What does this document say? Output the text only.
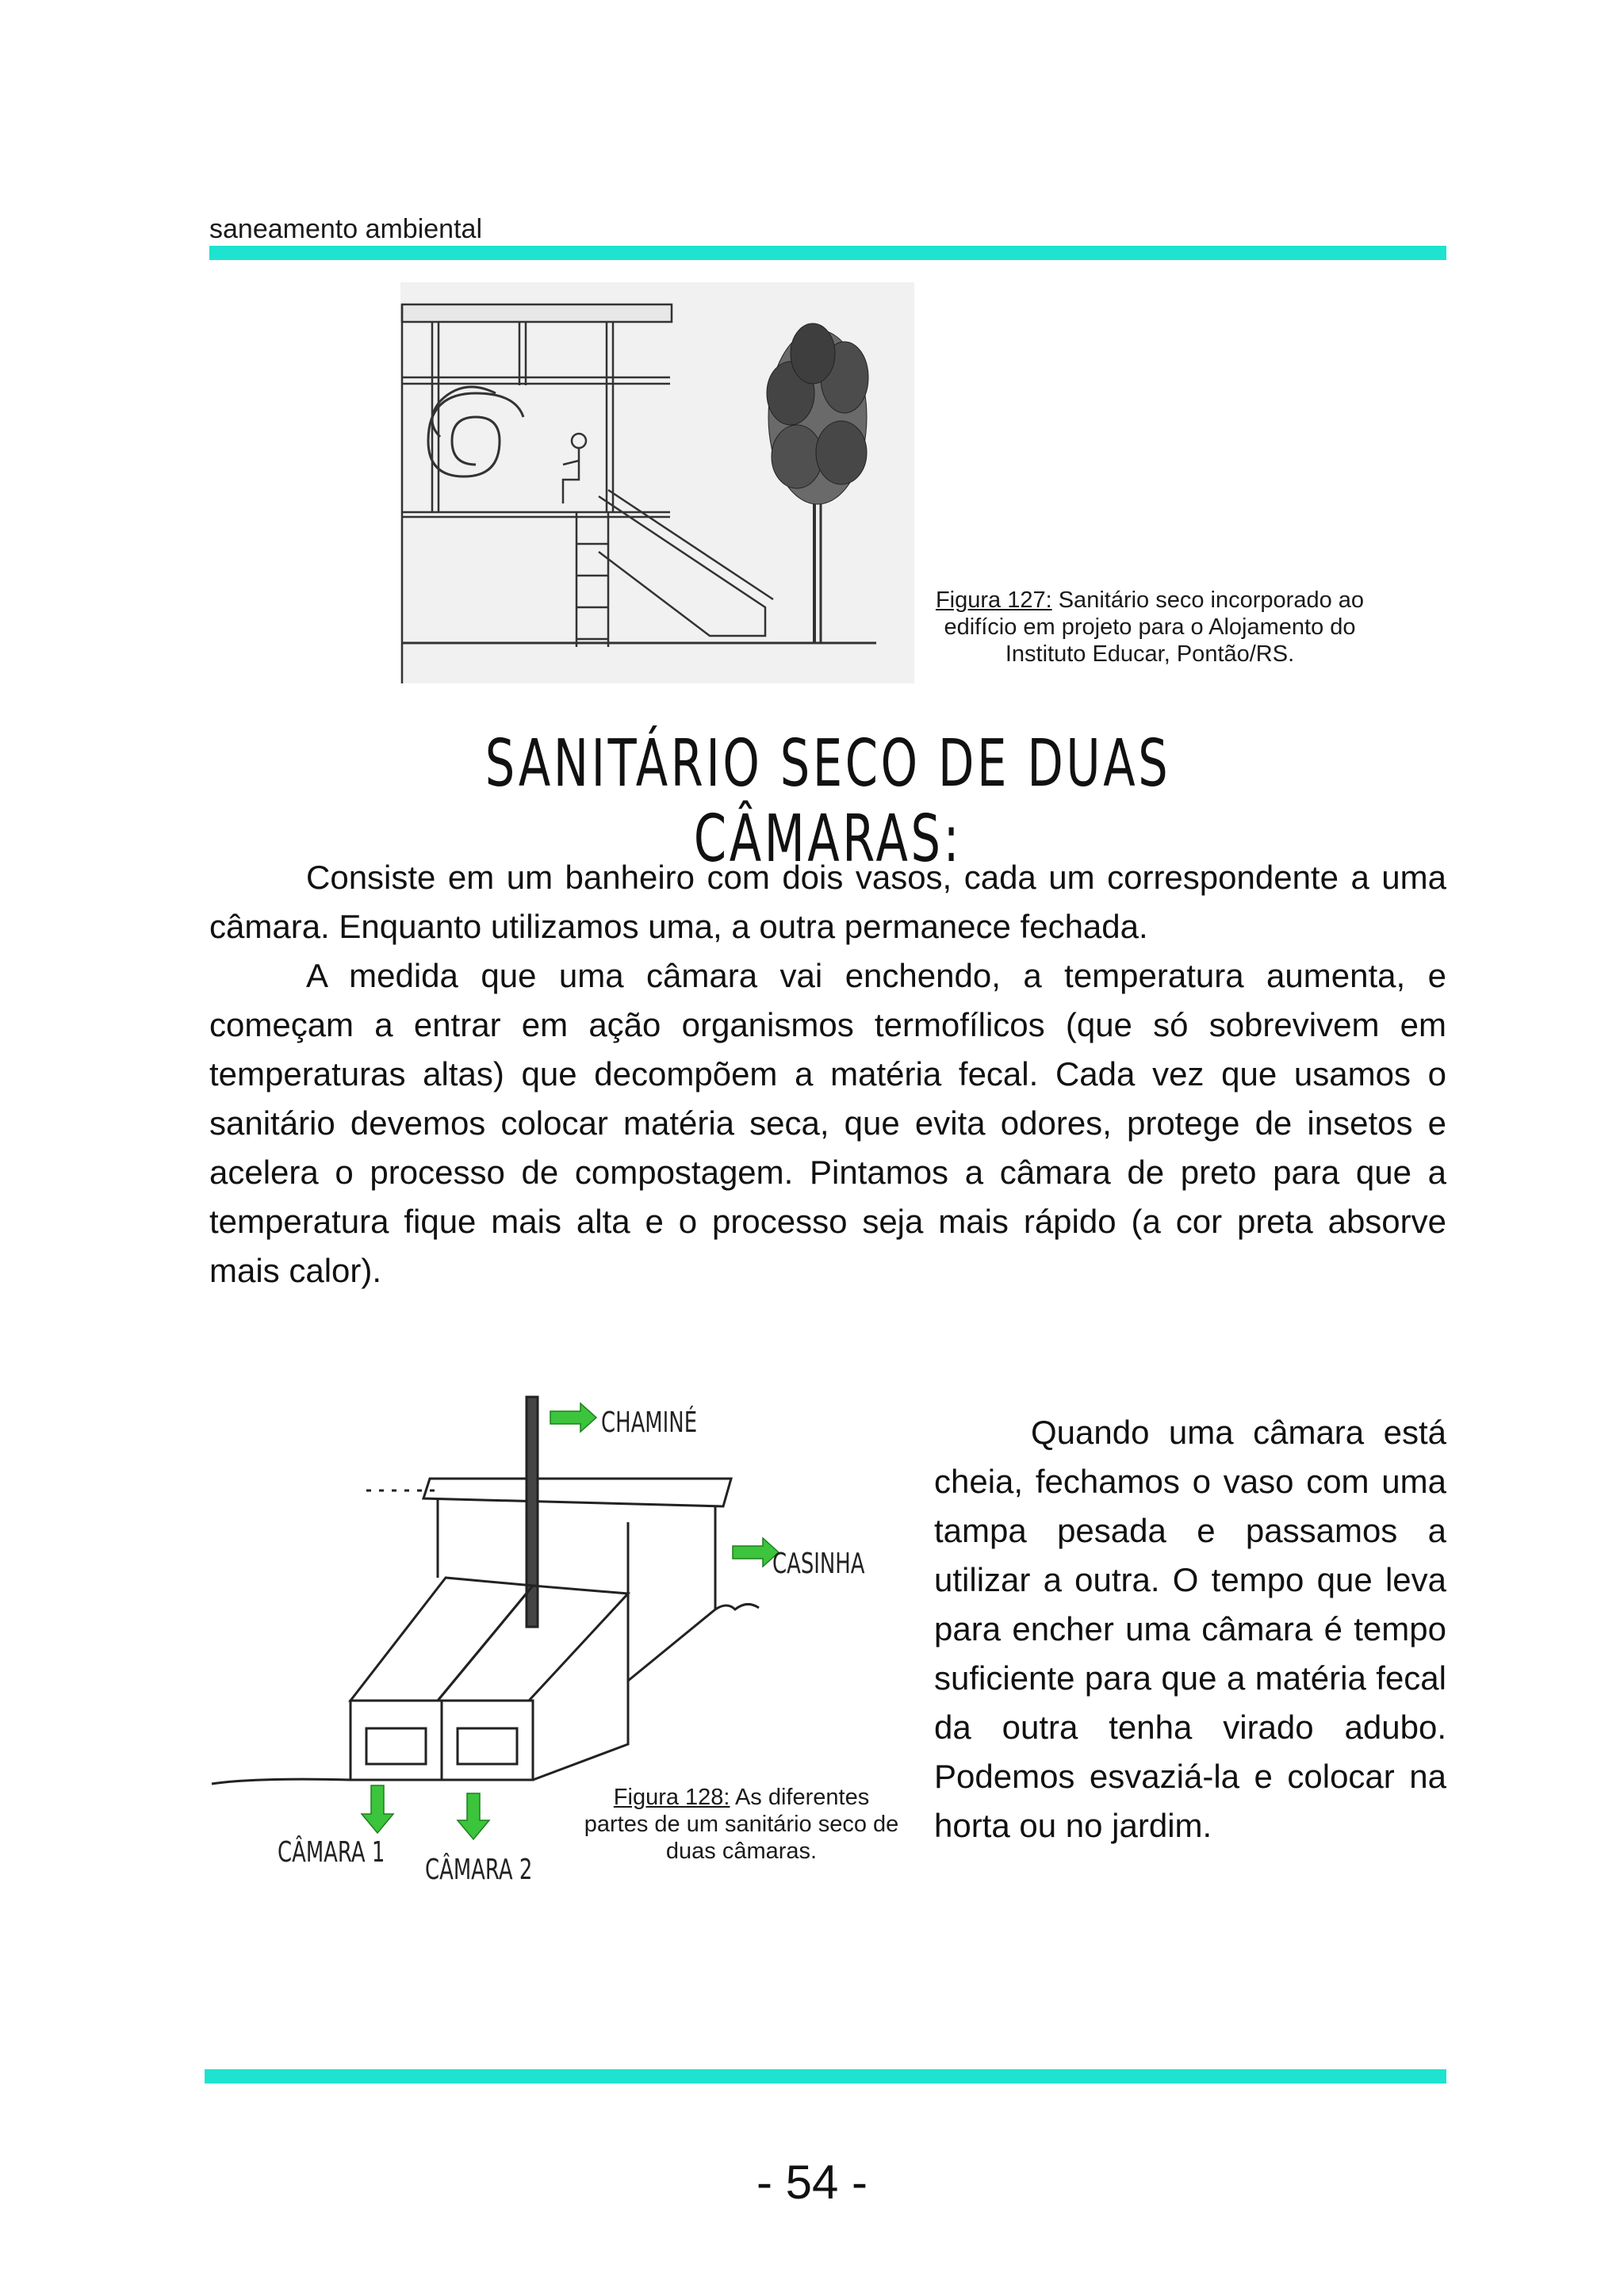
saneamento ambiental
Figura 127: Sanitário seco incorporado ao edifício em projeto para o Alojamento do Instituto Educar, Pontão/RS.
SANITÁRIO SECO DE DUAS CÂMARAS:

Consiste em um banheiro com dois vasos, cada um correspondente a uma câmara. Enquanto utilizamos uma, a outra permanece fechada.

A medida que uma câmara vai enchendo, a temperatura aumenta, e começam a entrar em ação organismos termofílicos (que só sobrevivem em temperaturas altas) que decompõem a matéria fecal. Cada vez que usamos o sanitário devemos colocar matéria seca, que evita odores, protege de insetos e acelera o processo de compostagem. Pintamos a câmara de preto para que a temperatura fique mais alta e o processo seja mais rápido (a cor preta absorve mais calor).

CHAMINÉ
CASINHA
CÂMARA 1
CÂMARA 2
Figura 128: As diferentes partes de um sanitário seco de duas câmaras.

Quando uma câmara está cheia, fechamos o vaso com uma tampa pesada e passamos a utilizar a outra. O tempo que leva para encher uma câmara é tempo suficiente para que a matéria fecal da outra tenha virado adubo. Podemos esvaziá-la e colocar na horta ou no jardim.

- 54 -
